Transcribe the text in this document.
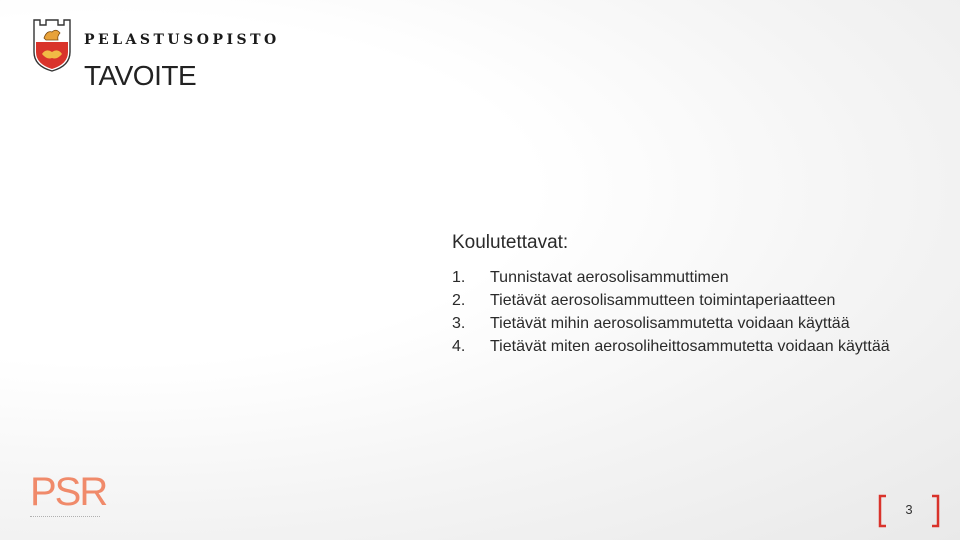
PELASTUSOPISTO
TAVOITE

Koulutettavat:

1.	Tunnistavat aerosolisammuttimen
2.	Tietävät aerosolisammutteen toimintaperiaatteen
3.	Tietävät mihin aerosolisammutetta voidaan käyttää
4.	Tietävät miten aerosoliheittosammutetta voidaan käyttää
PSR	3
